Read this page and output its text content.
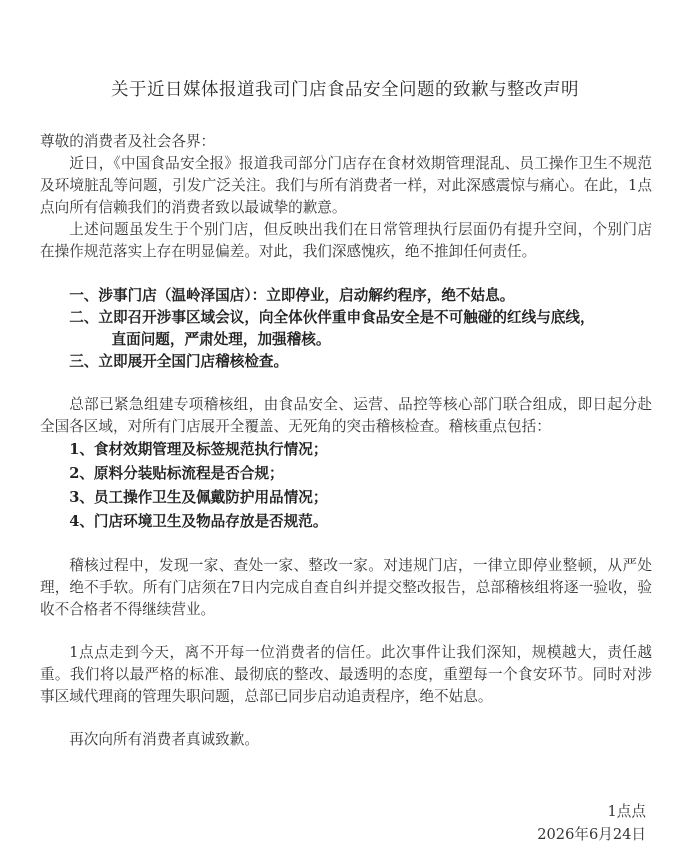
关于近日媒体报道我司门店食品安全问题的致歉与整改声明

尊敬的消费者及社会各界：

近日，《中国食品安全报》报道我司部分门店存在食材效期管理混乱、员工操作卫生不规范及环境脏乱等问题，引发广泛关注。我们与所有消费者一样，对此深感震惊与痛心。在此，1点点向所有信赖我们的消费者致以最诚挚的歉意。

上述问题虽发生于个别门店，但反映出我们在日常管理执行层面仍有提升空间，个别门店在操作规范落实上存在明显偏差。对此，我们深感愧疚，绝不推卸任何责任。

一、涉事门店（温岭泽国店）：立即停业，启动解约程序，绝不姑息。

二、立即召开涉事区域会议，向全体伙伴重申食品安全是不可触碰的红线与底线，
直面问题，严肃处理，加强稽核。

三、立即展开全国门店稽核检查。

总部已紧急组建专项稽核组，由食品安全、运营、品控等核心部门联合组成，即日起分赴全国各区域，对所有门店展开全覆盖、无死角的突击稽核检查。稽核重点包括：

1、食材效期管理及标签规范执行情况；

2、原料分装贴标流程是否合规；

3、员工操作卫生及佩戴防护用品情况；

4、门店环境卫生及物品存放是否规范。

稽核过程中，发现一家、查处一家、整改一家。对违规门店，一律立即停业整顿，从严处理，绝不手软。所有门店须在7日内完成自查自纠并提交整改报告，总部稽核组将逐一验收，验收不合格者不得继续营业。

1点点走到今天，离不开每一位消费者的信任。此次事件让我们深知，规模越大，责任越重。我们将以最严格的标准、最彻底的整改、最透明的态度，重塑每一个食安环节。同时对涉事区域代理商的管理失职问题，总部已同步启动追责程序，绝不姑息。

再次向所有消费者真诚致歉。

1点点
2026年6月24日
